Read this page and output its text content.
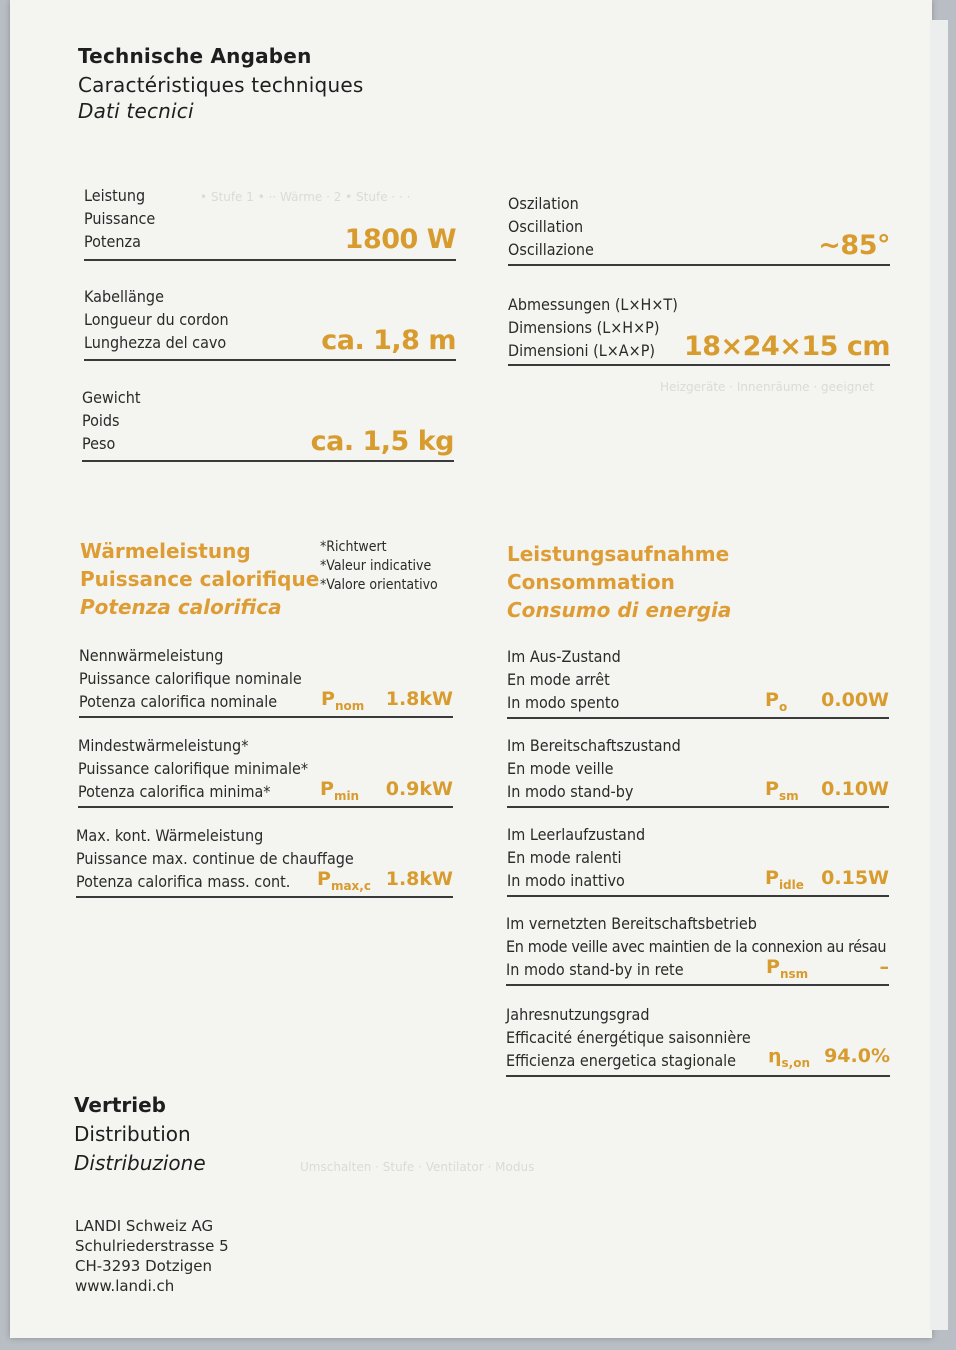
• Stufe 1 • ·· Wärme · 2 • Stufe · · ·
Heizgeräte · Innenräume · geeignet
Umschalten · Stufe · Ventilator · Modus
Technische Angaben
Caractéristiques techniques
Dati tecnici
Leistung
Puissance
Potenza	1800 W
Oszilation
Oscillation
Oscillazione	~85°
Kabellänge
Longueur du cordon
Lunghezza del cavo	ca. 1,8 m
Abmessungen (L×H×T)
Dimensions (L×H×P)
Dimensioni (L×A×P)	18×24×15 cm
Gewicht
Poids
Peso	ca. 1,5 kg
Wärmeleistung
Puissance calorifique
Potenza calorifica
*Richtwert
*Valeur indicative
*Valore orientativo
Nennwärmeleistung
Puissance calorifique nominale
Potenza calorifica nominale	$P_{nom}$ 1.8kW
Mindestwärmeleistung*
Puissance calorifique minimale*
Potenza calorifica minima*	$P_{min}$ 0.9kW
Max. kont. Wärmeleistung
Puissance max. continue de chauffage
Potenza calorifica mass. cont.	$P_{max,c}$ 1.8kW
Leistungsaufnahme
Consommation
Consumo di energia
Im Aus-Zustand
En mode arrêt
In modo spento	$P_o$ 0.00W
Im Bereitschaftszustand
En mode veille
In modo stand-by	$P_{sm}$ 0.10W
Im Leerlaufzustand
En mode ralenti
In modo inattivo	$P_{idle}$ 0.15W
Im vernetzten Bereitschaftsbetrieb
En mode veille avec maintien de la connexion au résau
In modo stand-by in rete	$P_{nsm}$	–
Jahresnutzungsgrad
Efficacité énergétique saisonnière
Efficienza energetica stagionale	$\eta_{s,on}$ 94.0%
Vertrieb
Distribution
Distribuzione
LANDI Schweiz AG
Schulriederstrasse 5
CH-3293 Dotzigen
www.landi.ch
